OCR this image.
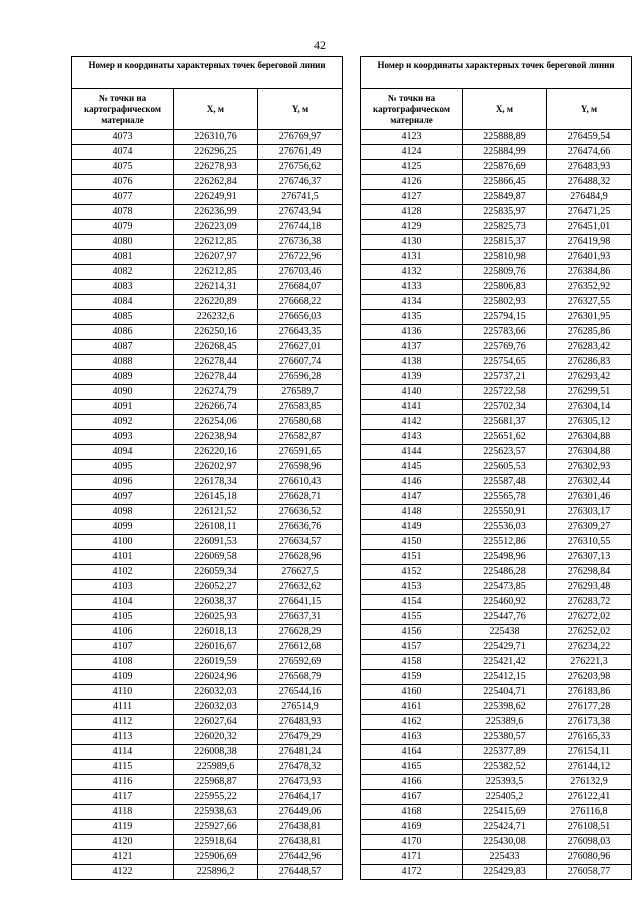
42
Номер и координаты характерных точек береговой линии		
№ точки на картографическом материале	X, м	Y, м
4073	226310,76	276769,97
4074	226296,25	276761,49
4075	226278,93	276756,62
4076	226262,84	276746,37
4077	226249,91	276741,5
4078	226236,99	276743,94
4079	226223,09	276744,18
4080	226212,85	276736,38
4081	226207,97	276722,96
4082	226212,85	276703,46
4083	226214,31	276684,07
4084	226220,89	276668,22
4085	226232,6	276656,03
4086	226250,16	276643,35
4087	226268,45	276627,01
4088	226278,44	276607,74
4089	226278,44	276596,28
4090	226274,79	276589,7
4091	226266,74	276583,85
4092	226254,06	276580,68
4093	226238,94	276582,87
4094	226220,16	276591,65
4095	226202,97	276598,96
4096	226178,34	276610,43
4097	226145,18	276628,71
4098	226121,52	276636,52
4099	226108,11	276636,76
4100	226091,53	276634,57
4101	226069,58	276628,96
4102	226059,34	276627,5
4103	226052,27	276632,62
4104	226038,37	276641,15
4105	226025,93	276637,31
4106	226018,13	276628,29
4107	226016,67	276612,68
4108	226019,59	276592,69
4109	226024,96	276568,79
4110	226032,03	276544,16
4111	226032,03	276514,9
4112	226027,64	276483,93
4113	226020,32	276479,29
4114	226008,38	276481,24
4115	225989,6	276478,32
4116	225968,87	276473,93
4117	225955,22	276464,17
4118	225938,63	276449,06
4119	225927,66	276438,81
4120	225918,64	276438,81
4121	225906,69	276442,96
4122	225896,2	276448,57
Номер и координаты характерных точек береговой линии		
№ точки на картографическом материале	X, м	Y, м
4123	225888,89	276459,54
4124	225884,99	276474,66
4125	225876,69	276483,93
4126	225866,45	276488,32
4127	225849,87	276484,9
4128	225835,97	276471,25
4129	225825,73	276451,01
4130	225815,37	276419,98
4131	225810,98	276401,93
4132	225809,76	276384,86
4133	225806,83	276352,92
4134	225802,93	276327,55
4135	225794,15	276301,95
4136	225783,66	276285,86
4137	225769,76	276283,42
4138	225754,65	276286,83
4139	225737,21	276293,42
4140	225722,58	276299,51
4141	225702,34	276304,14
4142	225681,37	276305,12
4143	225651,62	276304,88
4144	225623,57	276304,88
4145	225605,53	276302,93
4146	225587,48	276302,44
4147	225565,78	276301,46
4148	225550,91	276303,17
4149	225536,03	276309,27
4150	225512,86	276310,55
4151	225498,96	276307,13
4152	225486,28	276298,84
4153	225473,85	276293,48
4154	225460,92	276283,72
4155	225447,76	276272,02
4156	225438	276252,02
4157	225429,71	276234,22
4158	225421,42	276221,3
4159	225412,15	276203,98
4160	225404,71	276183,86
4161	225398,62	276177,28
4162	225389,6	276173,38
4163	225380,57	276165,33
4164	225377,89	276154,11
4165	225382,52	276144,12
4166	225393,5	276132,9
4167	225405,2	276122,41
4168	225415,69	276116,8
4169	225424,71	276108,51
4170	225430,08	276098,03
4171	225433	276080,96
4172	225429,83	276058,77
